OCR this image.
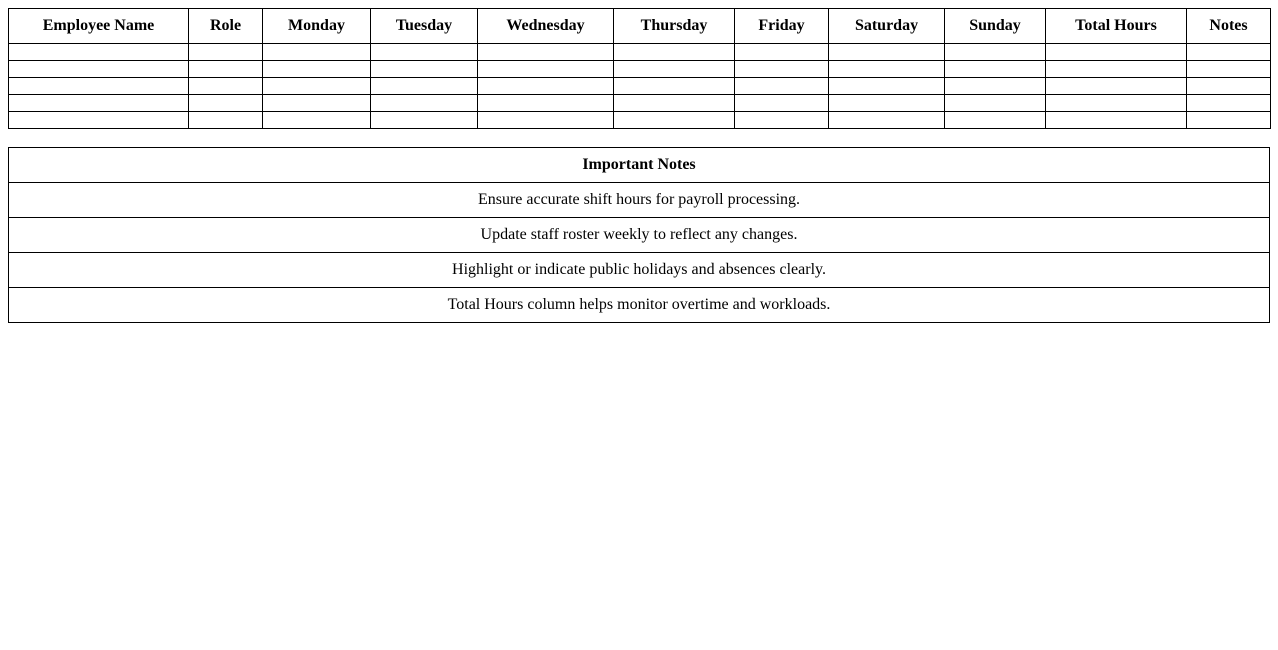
Employee Name	Role	Monday	Tuesday	Wednesday	Thursday	Friday	Saturday	Sunday	Total Hours	Notes

Important Notes
Ensure accurate shift hours for payroll processing.
Update staff roster weekly to reflect any changes.
Highlight or indicate public holidays and absences clearly.
Total Hours column helps monitor overtime and workloads.
